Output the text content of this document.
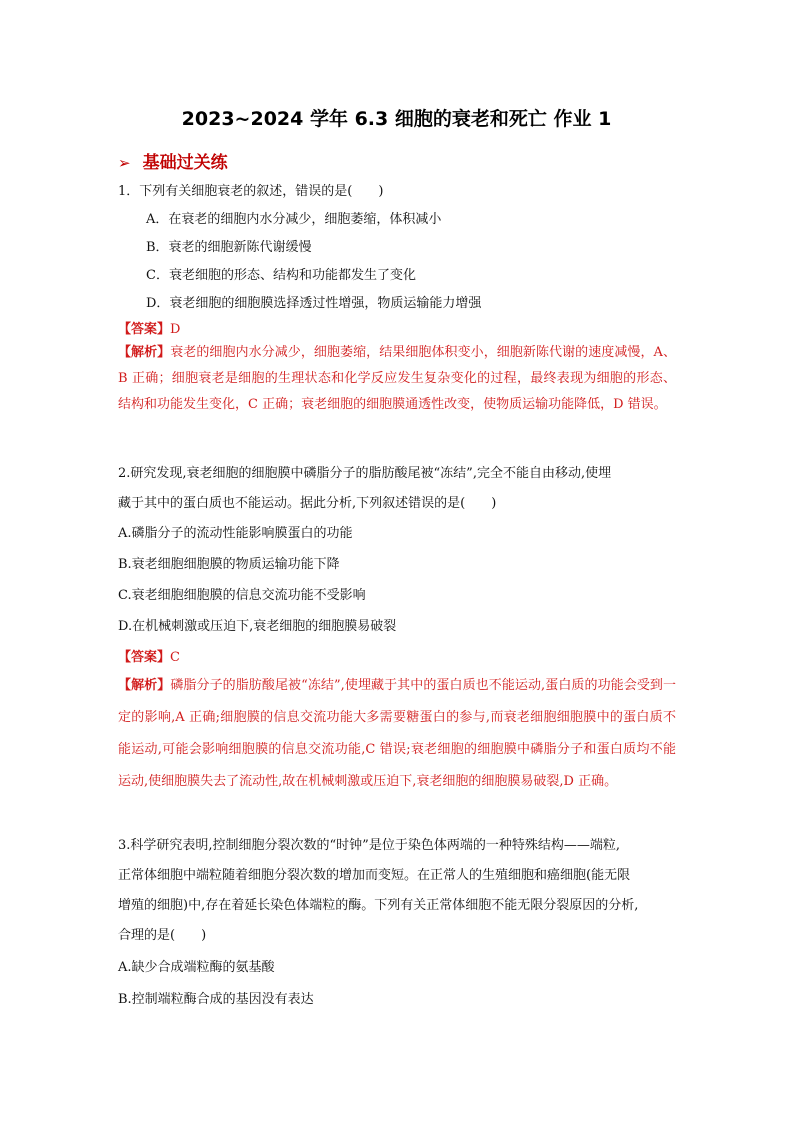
2023~2024 学年 6.3 细胞的衰老和死亡 作业 1
➢ 基础过关练
1．下列有关细胞衰老的叙述，错误的是(　　)
A．在衰老的细胞内水分减少，细胞萎缩，体积减小
B．衰老的细胞新陈代谢缓慢
C．衰老细胞的形态、结构和功能都发生了变化
D．衰老细胞的细胞膜选择透过性增强，物质运输能力增强
【答案】D
【解析】衰老的细胞内水分减少，细胞萎缩，结果细胞体积变小，细胞新陈代谢的速度减慢，A、B 正确；细胞衰老是细胞的生理状态和化学反应发生复杂变化的过程，最终表现为细胞的形态、结构和功能发生变化，C 正确；衰老细胞的细胞膜通透性改变，使物质运输功能降低，D 错误。
2.研究发现,衰老细胞的细胞膜中磷脂分子的脂肪酸尾被“冻结”,完全不能自由移动,使埋
藏于其中的蛋白质也不能运动。据此分析,下列叙述错误的是(　　)
A.磷脂分子的流动性能影响膜蛋白的功能
B.衰老细胞细胞膜的物质运输功能下降
C.衰老细胞细胞膜的信息交流功能不受影响
D.在机械刺激或压迫下,衰老细胞的细胞膜易破裂
【答案】C
【解析】磷脂分子的脂肪酸尾被“冻结”,使埋藏于其中的蛋白质也不能运动,蛋白质的功能会受到一定的影响,A 正确;细胞膜的信息交流功能大多需要糖蛋白的参与,而衰老细胞细胞膜中的蛋白质不能运动,可能会影响细胞膜的信息交流功能,C 错误;衰老细胞的细胞膜中磷脂分子和蛋白质均不能运动,使细胞膜失去了流动性,故在机械刺激或压迫下,衰老细胞的细胞膜易破裂,D 正确。
3.科学研究表明,控制细胞分裂次数的“时钟”是位于染色体两端的一种特殊结构——端粒,
正常体细胞中端粒随着细胞分裂次数的增加而变短。在正常人的生殖细胞和癌细胞(能无限
增殖的细胞)中,存在着延长染色体端粒的酶。下列有关正常体细胞不能无限分裂原因的分析,
合理的是(　　)
A.缺少合成端粒酶的氨基酸
B.控制端粒酶合成的基因没有表达
